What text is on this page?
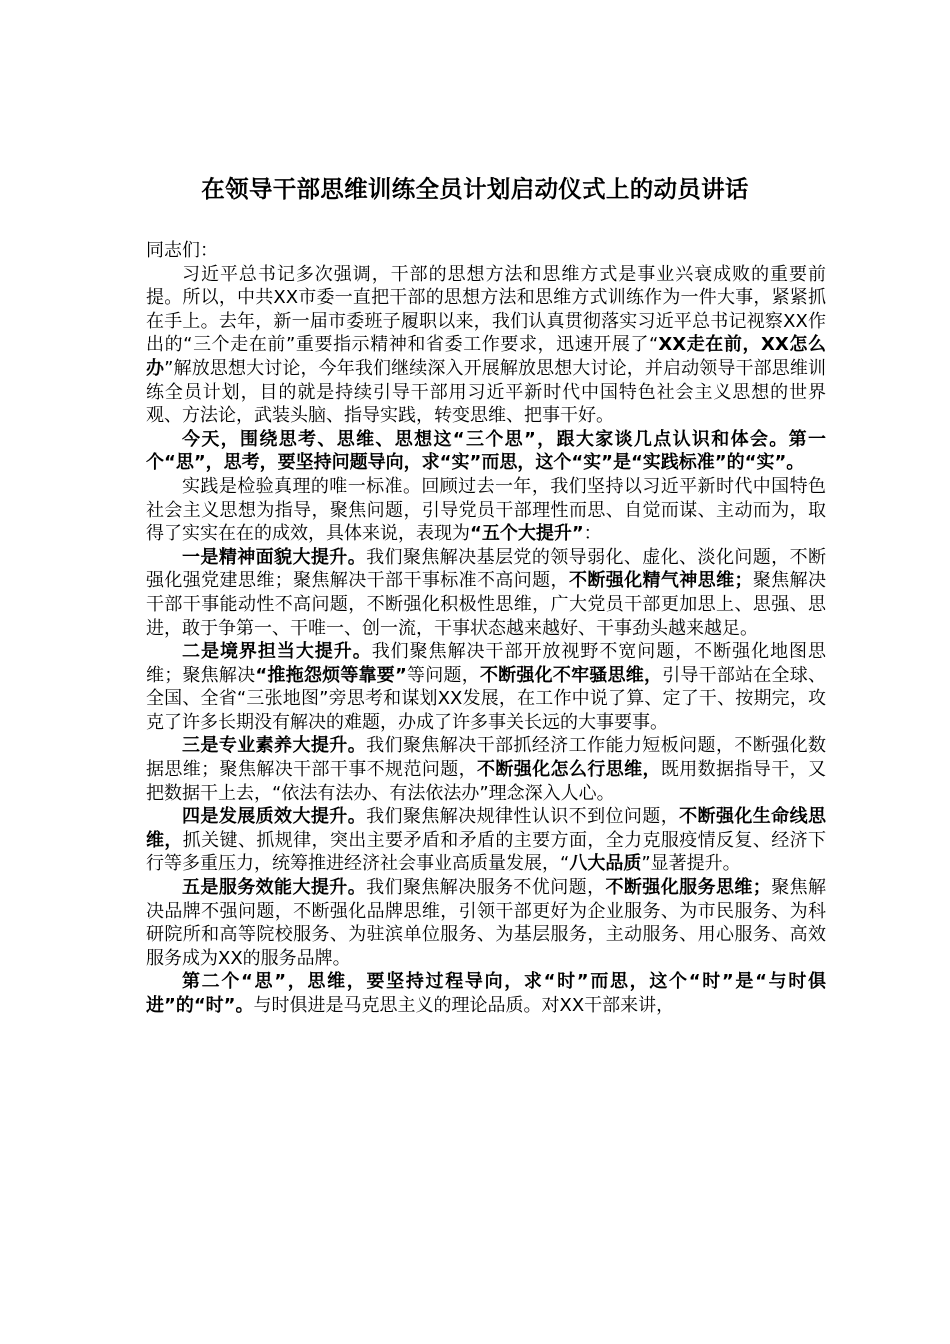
在领导干部思维训练全员计划启动仪式上的动员讲话

同志们：

习近平总书记多次强调，干部的思想方法和思维方式是事业兴衰成败的重要前提。所以，中共XX市委一直把干部的思想方法和思维方式训练作为一件大事，紧紧抓在手上。去年，新一届市委班子履职以来，我们认真贯彻落实习近平总书记视察XX作出的“三个走在前”重要指示精神和省委工作要求，迅速开展了“XX走在前，XX怎么办”解放思想大讨论，今年我们继续深入开展解放思想大讨论，并启动领导干部思维训练全员计划，目的就是持续引导干部用习近平新时代中国特色社会主义思想的世界观、方法论，武装头脑、指导实践，转变思维、把事干好。

今天，围绕思考、思维、思想这“三个思”，跟大家谈几点认识和体会。第一个“思”，思考，要坚持问题导向，求“实”而思，这个“实”是“实践标准”的“实”。

实践是检验真理的唯一标准。回顾过去一年，我们坚持以习近平新时代中国特色社会主义思想为指导，聚焦问题，引导党员干部理性而思、自觉而谋、主动而为，取得了实实在在的成效，具体来说，表现为“五个大提升”：

一是精神面貌大提升。我们聚焦解决基层党的领导弱化、虚化、淡化问题，不断强化强党建思维；聚焦解决干部干事标准不高问题，不断强化精气神思维；聚焦解决干部干事能动性不高问题，不断强化积极性思维，广大党员干部更加思上、思强、思进，敢于争第一、干唯一、创一流，干事状态越来越好、干事劲头越来越足。

二是境界担当大提升。我们聚焦解决干部开放视野不宽问题，不断强化地图思维；聚焦解决“推拖怨烦等靠要”等问题，不断强化不牢骚思维，引导干部站在全球、全国、全省“三张地图”旁思考和谋划XX发展，在工作中说了算、定了干、按期完，攻克了许多长期没有解决的难题，办成了许多事关长远的大事要事。

三是专业素养大提升。我们聚焦解决干部抓经济工作能力短板问题，不断强化数据思维；聚焦解决干部干事不规范问题，不断强化怎么行思维，既用数据指导干，又把数据干上去，“依法有法办、有法依法办”理念深入人心。

四是发展质效大提升。我们聚焦解决规律性认识不到位问题，不断强化生命线思维，抓关键、抓规律，突出主要矛盾和矛盾的主要方面，全力克服疫情反复、经济下行等多重压力，统筹推进经济社会事业高质量发展，“八大品质”显著提升。

五是服务效能大提升。我们聚焦解决服务不优问题，不断强化服务思维；聚焦解决品牌不强问题，不断强化品牌思维，引领干部更好为企业服务、为市民服务、为科研院所和高等院校服务、为驻滨单位服务、为基层服务，主动服务、用心服务、高效服务成为XX的服务品牌。

第二个“思”，思维，要坚持过程导向，求“时”而思，这个“时”是“与时俱进”的“时”。与时俱进是马克思主义的理论品质。对XX干部来讲，
